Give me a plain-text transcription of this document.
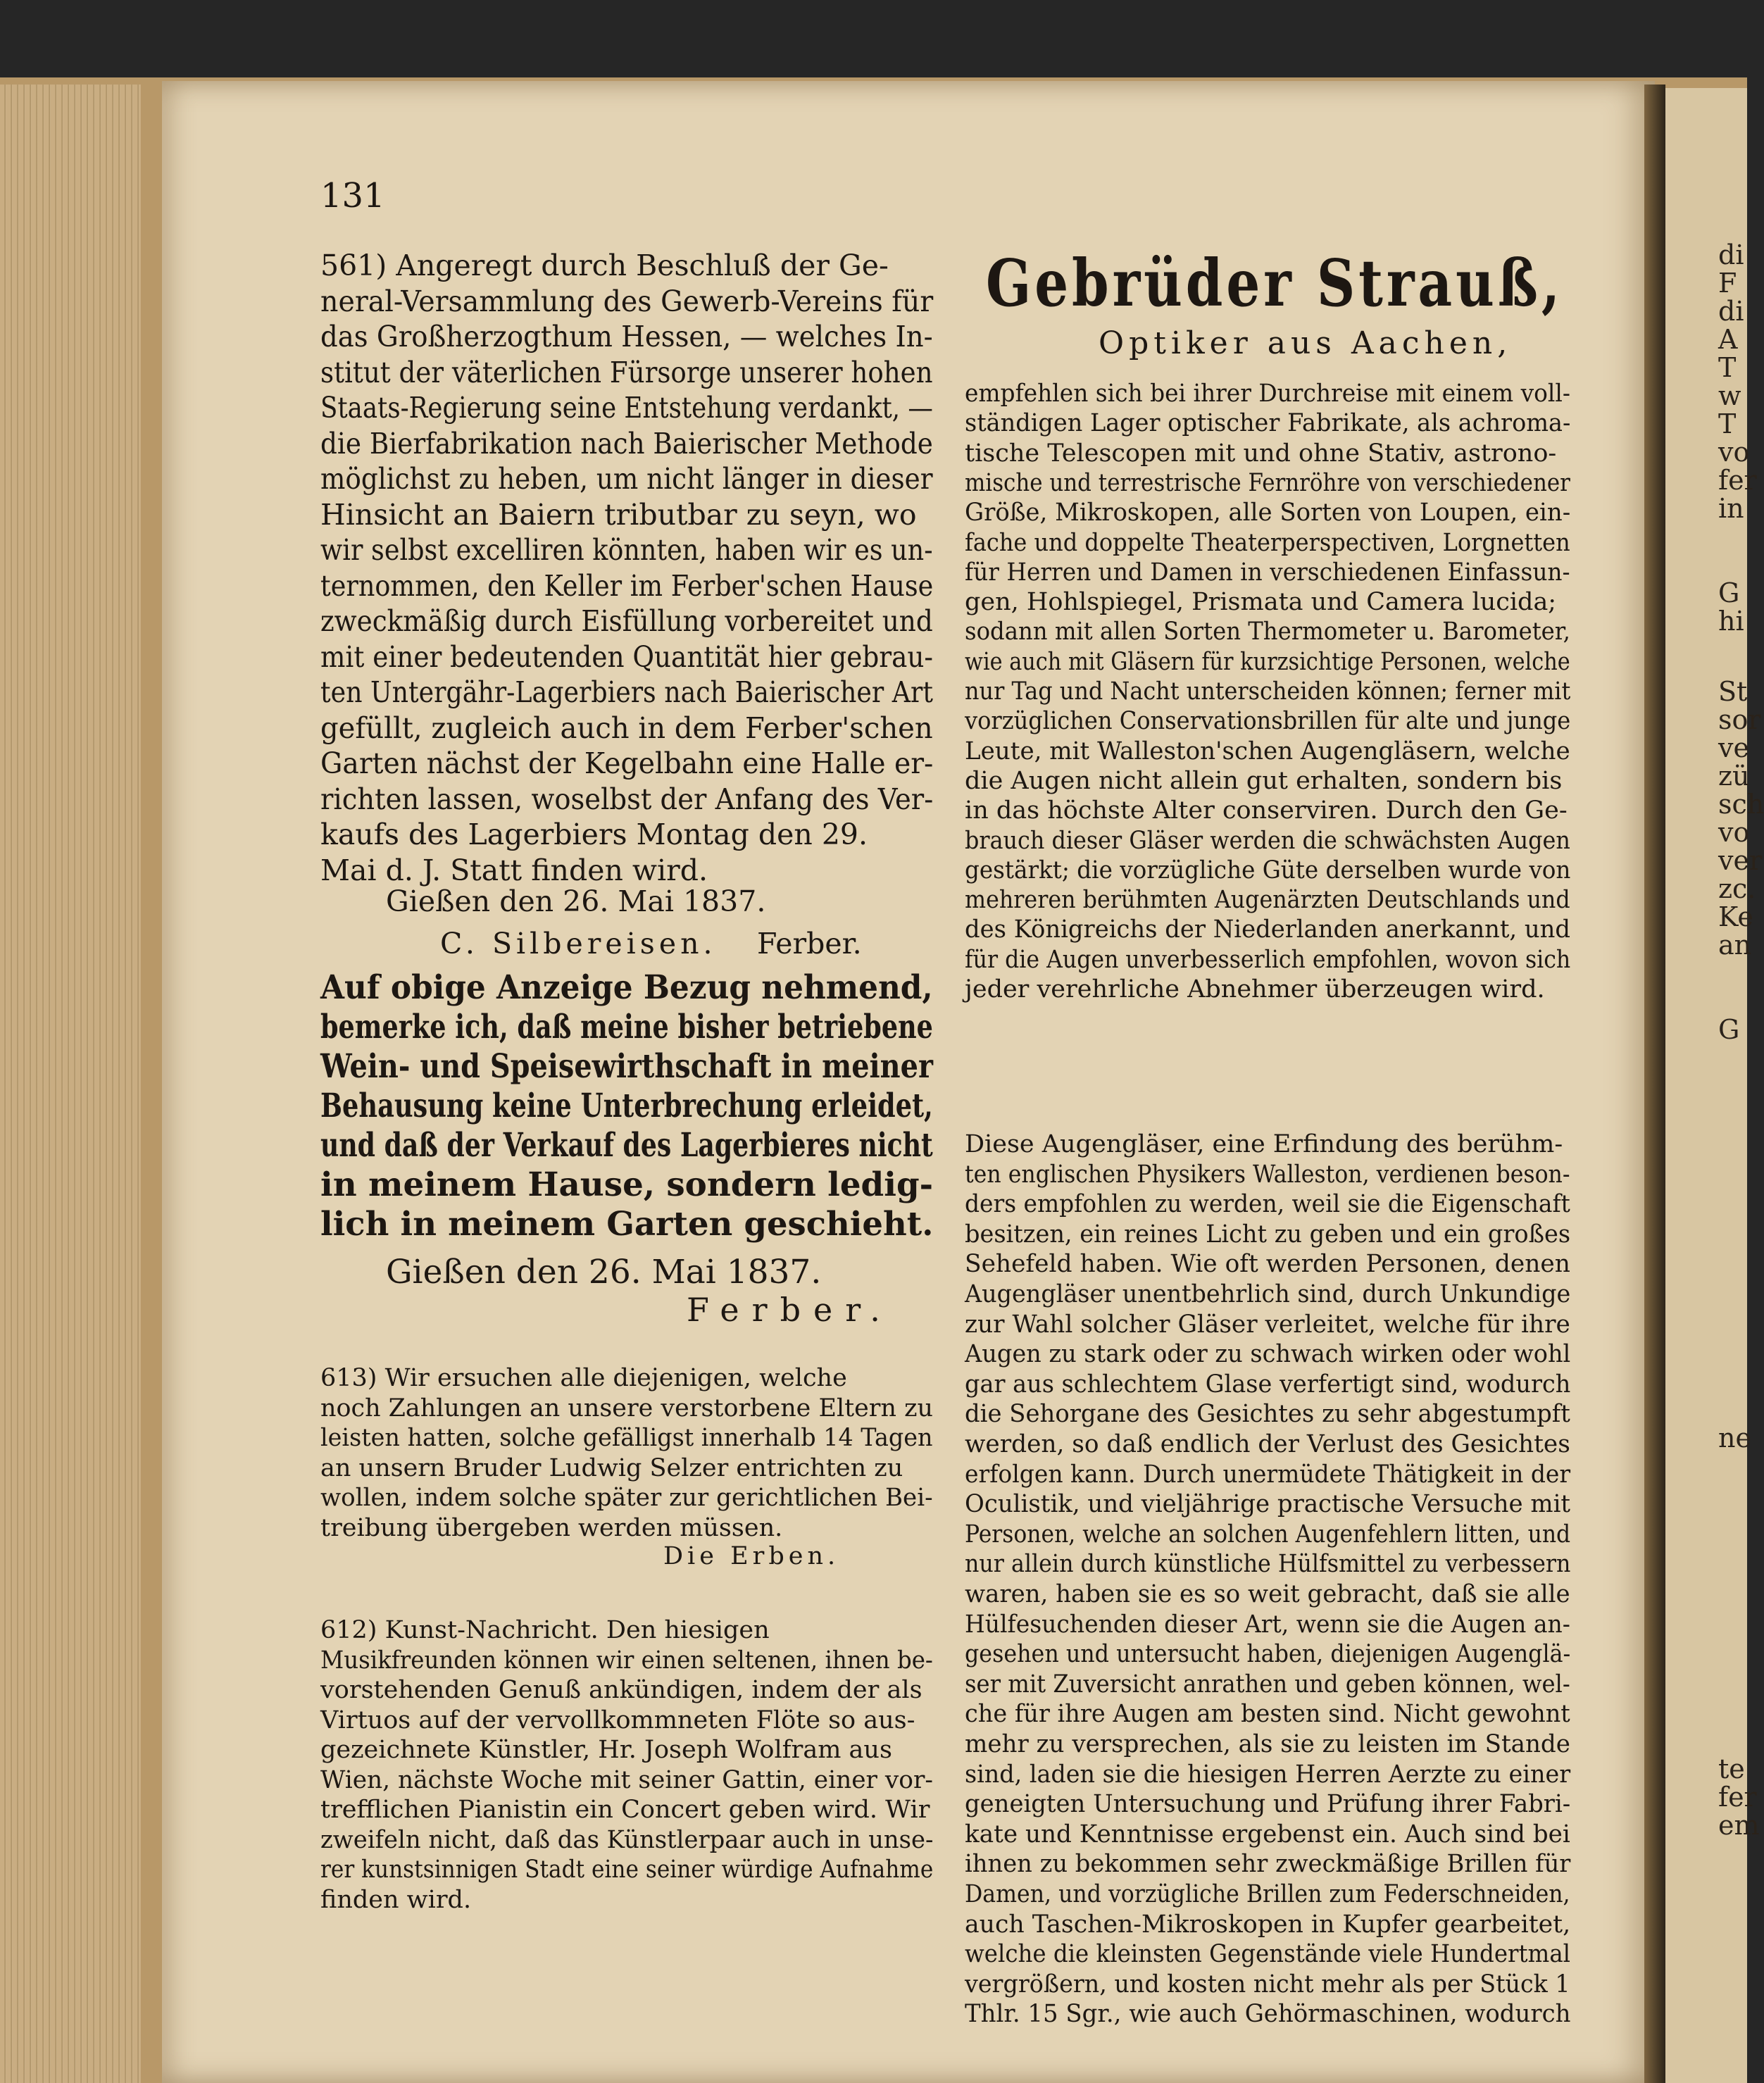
131
561) Angeregt durch Beschluß der Ge-
neral-Versammlung des Gewerb-Vereins für
das Großherzogthum Hessen, — welches In-
stitut der väterlichen Fürsorge unserer hohen
Staats-Regierung seine Entstehung verdankt, —
die Bierfabrikation nach Baierischer Methode
möglichst zu heben, um nicht länger in dieser
Hinsicht an Baiern tributbar zu seyn, wo
wir selbst excelliren könnten, haben wir es un-
ternommen, den Keller im Ferber'schen Hause
zweckmäßig durch Eisfüllung vorbereitet und
mit einer bedeutenden Quantität hier gebrau-
ten Untergähr-Lagerbiers nach Baierischer Art
gefüllt, zugleich auch in dem Ferber'schen
Garten nächst der Kegelbahn eine Halle er-
richten lassen, woselbst der Anfang des Ver-
kaufs des Lagerbiers Montag den 29.
Mai d. J. Statt finden wird.
Gießen den 26. Mai 1837.
C. Silbereisen. Ferber.
Auf obige Anzeige Bezug nehmend,
bemerke ich, daß meine bisher betriebene
Wein- und Speisewirthschaft in meiner
Behausung keine Unterbrechung erleidet,
und daß der Verkauf des Lagerbieres nicht
in meinem Hause, sondern ledig-
lich in meinem Garten geschieht.
Gießen den 26. Mai 1837.
Ferber.
613) Wir ersuchen alle diejenigen, welche
noch Zahlungen an unsere verstorbene Eltern zu
leisten hatten, solche gefälligst innerhalb 14 Tagen
an unsern Bruder Ludwig Selzer entrichten zu
wollen, indem solche später zur gerichtlichen Bei-
treibung übergeben werden müssen.
Die Erben.
612) Kunst-Nachricht. Den hiesigen
Musikfreunden können wir einen seltenen, ihnen be-
vorstehenden Genuß ankündigen, indem der als
Virtuos auf der vervollkommneten Flöte so aus-
gezeichnete Künstler, Hr. Joseph Wolfram aus
Wien, nächste Woche mit seiner Gattin, einer vor-
trefflichen Pianistin ein Concert geben wird. Wir
zweifeln nicht, daß das Künstlerpaar auch in unse-
rer kunstsinnigen Stadt eine seiner würdige Aufnahme
finden wird.
Gebrüder Strauß,
Optiker aus Aachen,
empfehlen sich bei ihrer Durchreise mit einem voll-
ständigen Lager optischer Fabrikate, als achroma-
tische Telescopen mit und ohne Stativ, astrono-
mische und terrestrische Fernröhre von verschiedener
Größe, Mikroskopen, alle Sorten von Loupen, ein-
fache und doppelte Theaterperspectiven, Lorgnetten
für Herren und Damen in verschiedenen Einfassun-
gen, Hohlspiegel, Prismata und Camera lucida;
sodann mit allen Sorten Thermometer u. Barometer,
wie auch mit Gläsern für kurzsichtige Personen, welche
nur Tag und Nacht unterscheiden können; ferner mit
vorzüglichen Conservationsbrillen für alte und junge
Leute, mit Walleston'schen Augengläsern, welche
die Augen nicht allein gut erhalten, sondern bis
in das höchste Alter conserviren. Durch den Ge-
brauch dieser Gläser werden die schwächsten Augen
gestärkt; die vorzügliche Güte derselben wurde von
mehreren berühmten Augenärzten Deutschlands und
des Königreichs der Niederlanden anerkannt, und
für die Augen unverbesserlich empfohlen, wovon sich
jeder verehrliche Abnehmer überzeugen wird.
Diese Augengläser, eine Erfindung des berühm-
ten englischen Physikers Walleston, verdienen beson-
ders empfohlen zu werden, weil sie die Eigenschaft
besitzen, ein reines Licht zu geben und ein großes
Sehefeld haben. Wie oft werden Personen, denen
Augengläser unentbehrlich sind, durch Unkundige
zur Wahl solcher Gläser verleitet, welche für ihre
Augen zu stark oder zu schwach wirken oder wohl
gar aus schlechtem Glase verfertigt sind, wodurch
die Sehorgane des Gesichtes zu sehr abgestumpft
werden, so daß endlich der Verlust des Gesichtes
erfolgen kann. Durch unermüdete Thätigkeit in der
Oculistik, und vieljährige practische Versuche mit
Personen, welche an solchen Augenfehlern litten, und
nur allein durch künstliche Hülfsmittel zu verbessern
waren, haben sie es so weit gebracht, daß sie alle
Hülfesuchenden dieser Art, wenn sie die Augen an-
gesehen und untersucht haben, diejenigen Augenglä-
ser mit Zuversicht anrathen und geben können, wel-
che für ihre Augen am besten sind. Nicht gewohnt
mehr zu versprechen, als sie zu leisten im Stande
sind, laden sie die hiesigen Herren Aerzte zu einer
geneigten Untersuchung und Prüfung ihrer Fabri-
kate und Kenntnisse ergebenst ein. Auch sind bei
ihnen zu bekommen sehr zweckmäßige Brillen für
Damen, und vorzügliche Brillen zum Federschneiden,
auch Taschen-Mikroskopen in Kupfer gearbeitet,
welche die kleinsten Gegenstände viele Hundertmal
vergrößern, und kosten nicht mehr als per Stück 1
Thlr. 15 Sgr., wie auch Gehörmaschinen, wodurch
di
F
di
A
T
w
T
vo
fer
in
G
hi
St
sor
ve
zü
sch
vo
ver
zc.
Ke
an
G
ne
te
fer
em
